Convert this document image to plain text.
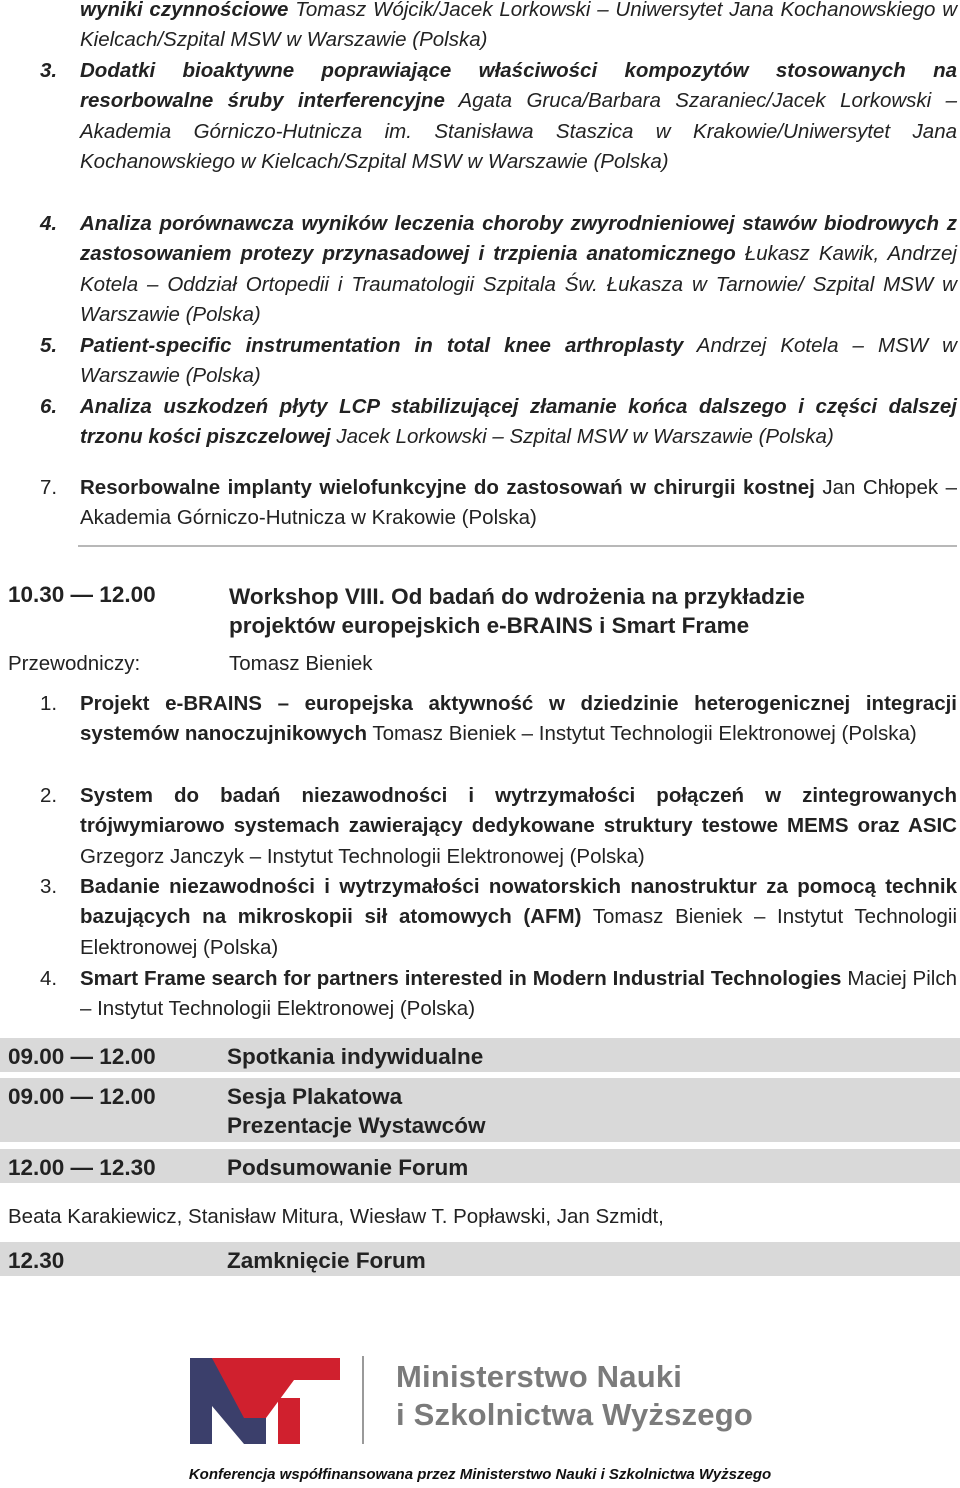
wyniki czynnościowe Tomasz Wójcik/Jacek Lorkowski – Uniwersytet Jana Kochanowskiego w Kielcach/Szpital MSW w Warszawie (Polska)
3. Dodatki bioaktywne poprawiające właściwości kompozytów stosowanych na resorbowalne śruby interferencyjne Agata Gruca/Barbara Szaraniec/Jacek Lorkowski – Akademia Górniczo-Hutnicza im. Stanisława Staszica w Krakowie/Uniwersytet Jana Kochanowskiego w Kielcach/Szpital MSW w Warszawie (Polska)
4. Analiza porównawcza wyników leczenia choroby zwyrodnieniowej stawów biodrowych z zastosowaniem protezy przynasadowej i trzpienia anatomicznego Łukasz Kawik, Andrzej Kotela – Oddział Ortopedii i Traumatologii Szpitala Św. Łukasza w Tarnowie/ Szpital MSW w Warszawie (Polska)
5. Patient-specific instrumentation in total knee arthroplasty Andrzej Kotela – MSW w Warszawie (Polska)
6. Analiza uszkodzeń płyty LCP stabilizującej złamanie końca dalszego i części dalszej trzonu kości piszczelowej Jacek Lorkowski – Szpital MSW w Warszawie (Polska)
7. Resorbowalne implanty wielofunkcyjne do zastosowań w chirurgii kostnej Jan Chłopek – Akademia Górniczo-Hutnicza w Krakowie (Polska)
10.30 — 12.00	Workshop VIII. Od badań do wdrożenia na przykładzie
projektów europejskich e-BRAINS i Smart Frame
Przewodniczy:	Tomasz Bieniek
1. Projekt e-BRAINS – europejska aktywność w dziedzinie heterogenicznej integracji systemów nanoczujnikowych Tomasz Bieniek – Instytut Technologii Elektronowej (Polska)
2. System do badań niezawodności i wytrzymałości połączeń w zintegrowanych trójwymiarowo systemach zawierający dedykowane struktury testowe MEMS oraz ASIC Grzegorz Janczyk – Instytut Technologii Elektronowej (Polska)
3. Badanie niezawodności i wytrzymałości nowatorskich nanostruktur za pomocą technik bazujących na mikroskopii sił atomowych (AFM) Tomasz Bieniek – Instytut Technologii Elektronowej (Polska)
4. Smart Frame search for partners interested in Modern Industrial Technologies Maciej Pilch – Instytut Technologii Elektronowej (Polska)
09.00 — 12.00	Spotkania indywidualne
09.00 — 12.00	Sesja Plakatowa
Prezentacje Wystawców
12.00 — 12.30	Podsumowanie Forum
Beata Karakiewicz, Stanisław Mitura, Wiesław T. Popławski, Jan Szmidt,
12.30	Zamknięcie Forum
Ministerstwo Nauki
i Szkolnictwa Wyższego
Konferencja współfinansowana przez Ministerstwo Nauki i Szkolnictwa Wyższego
